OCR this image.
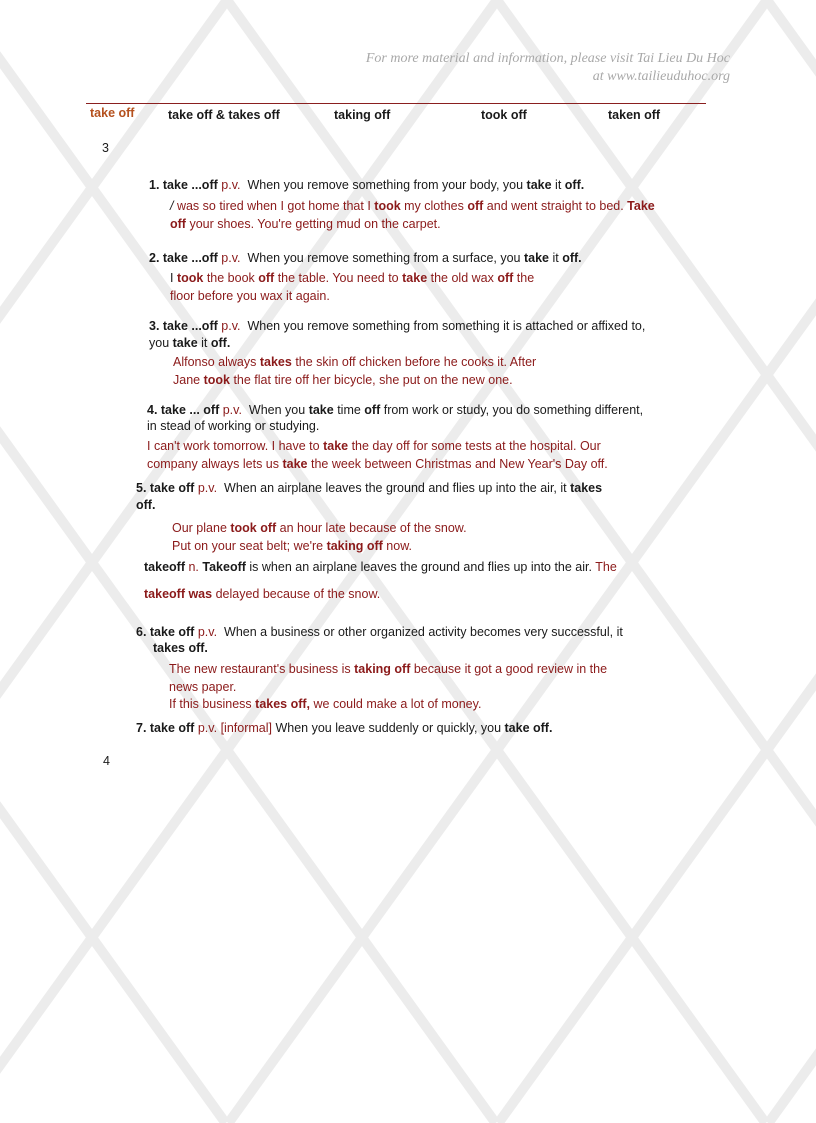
For more material and information, please visit Tai Lieu Du Hoc
at www.tailieuduhoc.org
take off	take off & takes off	taking off	took off	taken off
3
1. take ...off p.v. When you remove something from your body, you take it off.
/ was so tired when I got home that I took my clothes off and went straight to bed. Take
off your shoes. You're getting mud on the carpet.
2. take ...off p.v. When you remove something from a surface, you take it off.
I took the book off the table. You need to take the old wax off the
floor before you wax it again.
3. take ...off p.v. When you remove something from something it is attached or affixed to,
you take it off.
Alfonso always takes the skin off chicken before he cooks it. After
Jane took the flat tire off her bicycle, she put on the new one.
4. take ... off p.v. When you take time off from work or study, you do something different,
in stead of working or studying.
I can't work tomorrow. I have to take the day off for some tests at the hospital. Our
company always lets us take the week between Christmas and New Year's Day off.
5. take off p.v. When an airplane leaves the ground and flies up into the air, it takes
off.
Our plane took off an hour late because of the snow.
Put on your seat belt; we're taking off now.
takeoff n. Takeoff is when an airplane leaves the ground and flies up into the air. The
takeoff was delayed because of the snow.
6. take off p.v. When a business or other organized activity becomes very successful, it
takes off.
The new restaurant's business is taking off because it got a good review in the
news paper.
If this business takes off, we could make a lot of money.
7. take off p.v. [informal] When you leave suddenly or quickly, you take off.
4
